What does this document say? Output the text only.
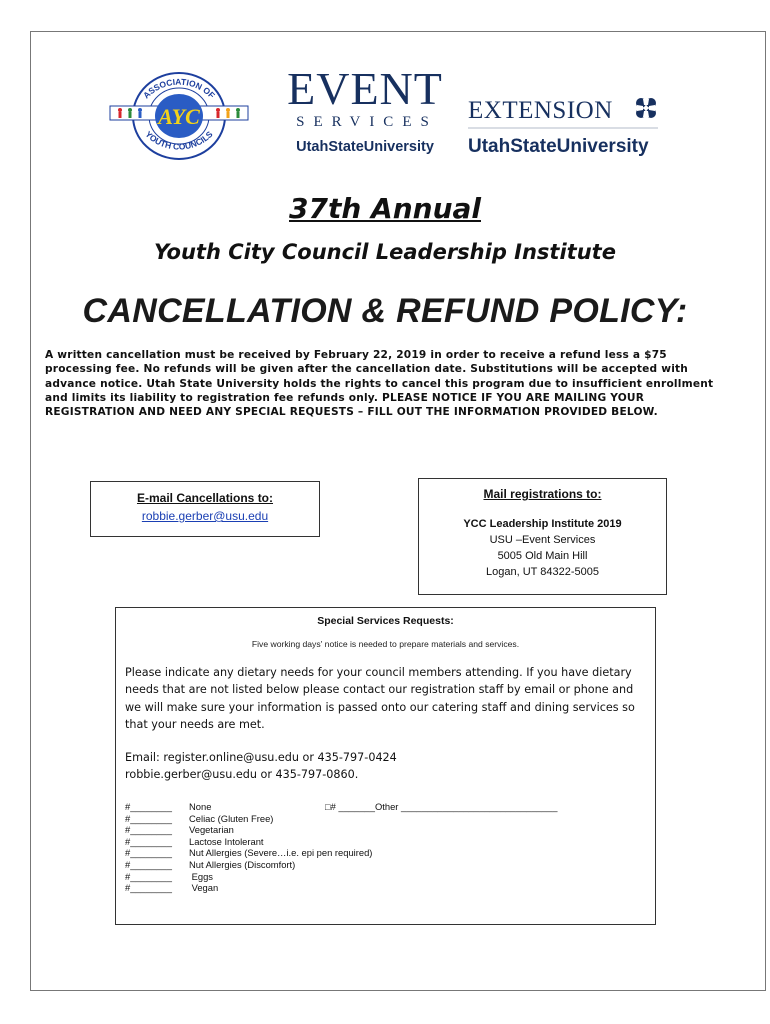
ASSOCIATION OF
YOUTH COUNCILS
AYC
EVENT
SERVICES
UtahStateUniversity
EXTENSION
UtahStateUniversity
37th Annual
Youth City Council Leadership Institute
CANCELLATION & REFUND POLICY:
A written cancellation must be received by February 22, 2019 in order to receive a refund less a $75 processing fee. No refunds will be given after the cancellation date. Substitutions will be accepted with advance notice. Utah State University holds the rights to cancel this program due to insufficient enrollment and limits its liability to registration fee refunds only. PLEASE NOTICE IF YOU ARE MAILING YOUR REGISTRATION AND NEED ANY SPECIAL REQUESTS – FILL OUT THE INFORMATION PROVIDED BELOW.
E-mail Cancellations to:
robbie.gerber@usu.edu
Mail registrations to:
YCC Leadership Institute 2019
USU –Event Services
5005 Old Main Hill
Logan, UT 84322-5005
Special Services Requests:
Five working days' notice is needed to prepare materials and services.
Please indicate any dietary needs for your council members attending. If you have dietary needs that are not listed below please contact our registration staff by email or phone and we will make sure your information is passed onto our catering staff and dining services so that your needs are met.
Email: register.online@usu.edu or 435-797-0424
robbie.gerber@usu.edu or 435-797-0860.
#________ None	□# _______Other ______________________________
#________ Celiac (Gluten Free)
#________ Vegetarian
#________ Lactose Intolerant
#________ Nut Allergies (Severe…i.e. epi pen required)
#________ Nut Allergies (Discomfort)
#________ Eggs
#________ Vegan
